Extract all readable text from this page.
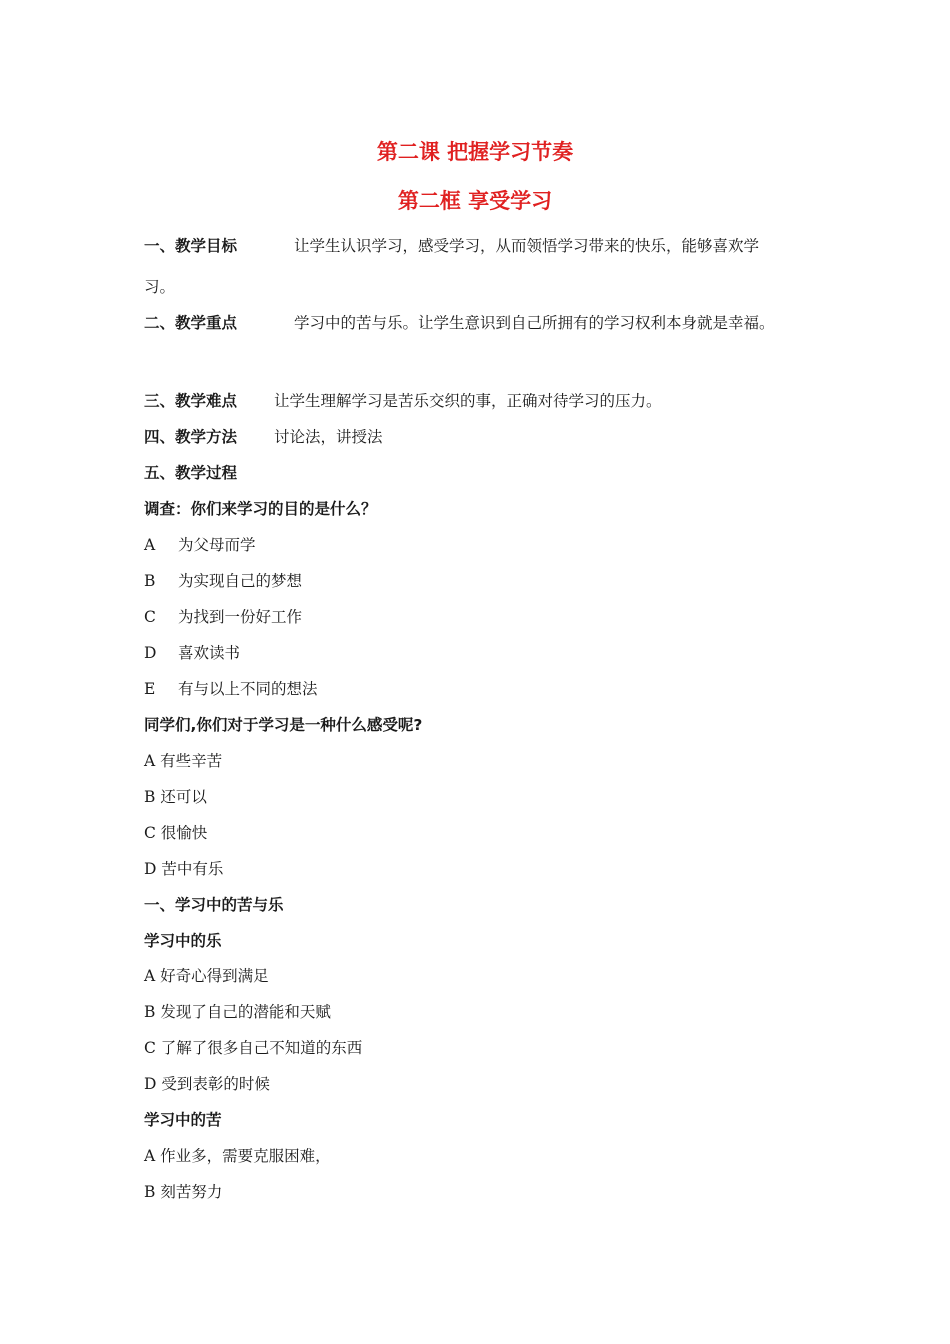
第二课 把握学习节奏
第二框 享受学习
一、教学目标	让学生认识学习，感受学习，从而领悟学习带来的快乐，能够喜欢学
习。
二、教学重点	学习中的苦与乐。让学生意识到自己所拥有的学习权利本身就是幸福。
三、教学难点 让学生理解学习是苦乐交织的事，正确对待学习的压力。
四、教学方法 讨论法，讲授法
五、教学过程
调查：你们来学习的目的是什么？
A 为父母而学
B 为实现自己的梦想
C 为找到一份好工作
D 喜欢读书
E 有与以上不同的想法
同学们,你们对于学习是一种什么感受呢?
A 有些辛苦
B 还可以
C 很愉快
D 苦中有乐
一、学习中的苦与乐
学习中的乐
A 好奇心得到满足
B 发现了自己的潜能和天赋
C 了解了很多自己不知道的东西
D 受到表彰的时候
学习中的苦
A 作业多，需要克服困难，
B 刻苦努力
